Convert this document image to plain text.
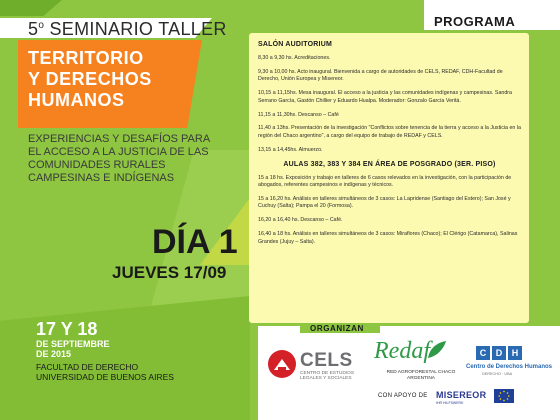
5$^o$ SEMINARIO TALLER
TERRITORIO
Y DERECHOS
HUMANOS
EXPERIENCIAS Y DESAFÍOS PARA EL ACCESO A LA JUSTICIA DE LAS COMUNIDADES RURALES CAMPESINAS E INDÍGENAS
DÍA 1
JUEVES 17/09
17 Y 18
DE SEPTIEMBRE
DE 2015
FACULTAD DE DERECHO
UNIVERSIDAD DE BUENOS AIRES
PROGRAMA
SALÓN AUDITORIUM

8,30 a 9,30 hs. Acreditaciones.

9,30 a 10,00 hs. Acto inaugural. Bienvenida a cargo de autoridades de CELS, REDAF, CDH-Facultad de Derecho, Unión Europea y Misereor.

10,15 a 11,15hs. Mesa inaugural. El acceso a la justicia y las comunidades indígenas y campesinas. Sandra Serrano García, Gastón Chillier y Eduardo Hualpa. Moderador: Gonzalo García Veritá.

11,15 a 11,30hs. Descanso – Café

11,40 a 13hs. Presentación de la investigación "Conflictos sobre tenencia de la tierra y acceso a la Justicia en la región del Chaco argentino", a cargo del equipo de trabajo de REDAF y CELS.

13,15 a 14,45hs. Almuerzo.

AULAS 382, 383 Y 384 EN ÁREA DE POSGRADO (3ER. PISO)

15 a 18 hs. Exposición y trabajo en talleres de 6 casos relevados en la investigación, con la participación de abogados, referentes campesinos e indígenas y técnicos.

15 a 16,20 hs. Análisis en talleres simultáneos de 3 casos: La Lapridense (Santiago del Estero); San José y Cuchuy (Salta); Pampa el 20 (Formosa).

16,20 a 16,40 hs. Descanso – Café.

16,40 a 18 hs. Análisis en talleres simultáneos de 3 casos: Miraflores (Chaco); El Clérigo (Catamarca), Salinas Grandes (Jujuy – Salta).

ORGANIZAN
CELS
CENTRO DE ESTUDIOS LEGALES Y SOCIALES
Redaf
RED AGROFORESTAL CHACO ARGENTINA
C	D	H
Centro de Derechos Humanos
DERECHO · UBA
CON APOYO DE MISEREOR
IHR HILFSWERK
